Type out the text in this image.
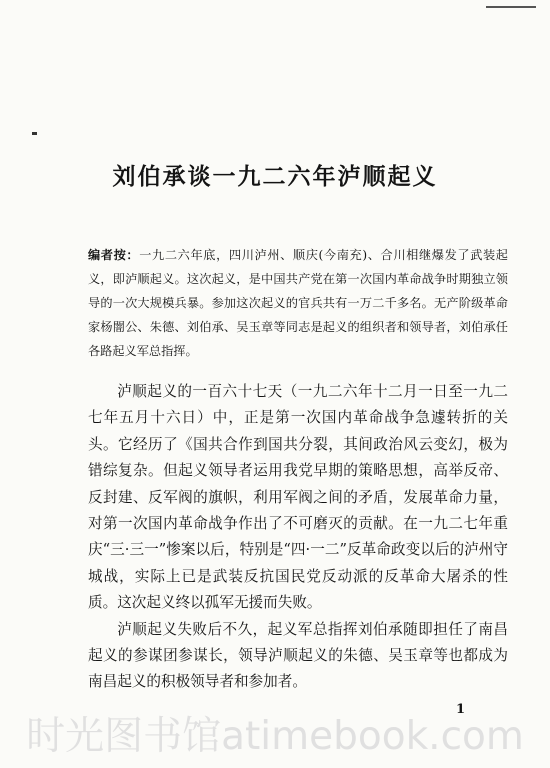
刘伯承谈一九二六年泸顺起义
编者按：一九二六年底，四川泸州、顺庆(今南充)、合川相继爆发了武装起义，即泸顺起义。这次起义，是中国共产党在第一次国内革命战争时期独立领导的一次大规模兵暴。参加这次起义的官兵共有一万二千多名。无产阶级革命家杨闇公、朱德、刘伯承、吴玉章等同志是起义的组织者和领导者，刘伯承任各路起义军总指挥。

泸顺起义的一百六十七天（一九二六年十二月一日至一九二七年五月十六日）中，正是第一次国内革命战争急遽转折的关头。它经历了《国共合作到国共分裂，其间政治风云变幻，极为错综复杂。但起义领导者运用我党早期的策略思想，高举反帝、反封建、反军阀的旗帜，利用军阀之间的矛盾，发展革命力量，对第一次国内革命战争作出了不可磨灭的贡献。在一九二七年重庆“三·三一”惨案以后，特别是“四·一二”反革命政变以后的泸州守城战，实际上已是武装反抗国民党反动派的反革命大屠杀的性质。这次起义终以孤军无援而失败。

泸顺起义失败后不久，起义军总指挥刘伯承随即担任了南昌起义的参谋团参谋长，领导泸顺起义的朱德、吴玉章等也都成为南昌起义的积极领导者和参加者。

1
时光图书馆atimebook.com
